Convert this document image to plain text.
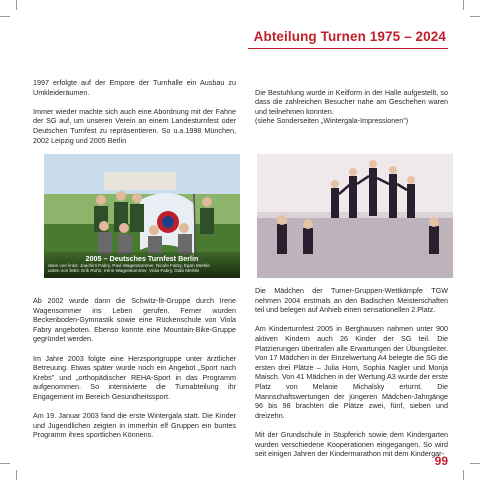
Abteilung Turnen 1975 – 2024

1997 erfolgte auf der Empore der Turnhalle ein Ausbau zu Umkleideräumen.

Immer wieder machte sich auch eine Abordnung mit der Fahne der SG auf, um unseren Verein an einem Landesturnfest oder Deutschen Turnfest zu repräsentieren. So u.a.1998 München, 2002 Leipzig und 2005 Berlin

Die Bestuhlung wurde in Keilform in der Halle aufgestellt, so dass die zahlreichen Besucher nahe am Geschehen waren und teilnehmen konnten.
(siehe Sonderseiten „Wintergala-Impressionen")

2005 – Deutsches Turnfest Berlin
oben von links: Joachim Fabry, Paul Wagensommer, Nicole Fabry, Egon Merkle
unten von links: Erik Rohn, Irene Wagensommer, Viola Fabry, Gabi Merkle

Ab 2002 wurde dann die Schwitz-fit-Gruppe durch Irene Wagensommer ins Leben gerufen. Ferner wurden Beckenboden-Gymnastik sowie eine Rückenschule von Viola Fabry angeboten. Ebenso konnte eine Mountain-Bike-Gruppe gegründet werden.

Im Jahre 2003 folgte eine Herzsportgruppe unter ärztlicher Betreuung. Etwas später wurde noch ein Angebot „Sport nach Krebs" und „orthopädischer REHA-Sport in das Programm aufgenommen. So intensivierte die Turnabteilung ihr Engagement im Bereich Gesundheitssport.

Am 19. Januar 2003 fand die erste Wintergala statt. Die Kinder und Jugendlichen zeigten in immerhin elf Gruppen ein buntes Programm ihres sportlichen Könnens.

Die Mädchen der Turner-Gruppen-Wettkämpfe TGW nehmen 2004 erstmals an den Badischen Meisterschaften teil und belegen auf Anhieb einen sensationellen 2.Platz.

Am Kinderturnfest 2005 in Berghausen nahmen unter 900 aktiven Kindern auch 26 Kinder der SG teil. Die Platzierungen übertrafen alle Erwartungen der Übungsleiter. Von 17 Mädchen in der Einzelwertung A4 belegte die SG die ersten drei Plätze – Julia Horn, Sophia Nagler und Monja Maisch. Von 41 Mädchen in der Wertung A3 wurde der erste Platz von Melanie Michalsky erturnt. Die Mannschaftswertungen der jüngeren Mädchen-Jahrgänge 96 bis 98 brachten die Plätze zwei, fünf, sieben und dreizehn.

Mit der Grundschule in Stupferich sowie dem Kindergarten wurden verschiedene Kooperationen eingegangen. So wird seit einigen Jahren der Kindermarathon mit dem Kindergar-

99
